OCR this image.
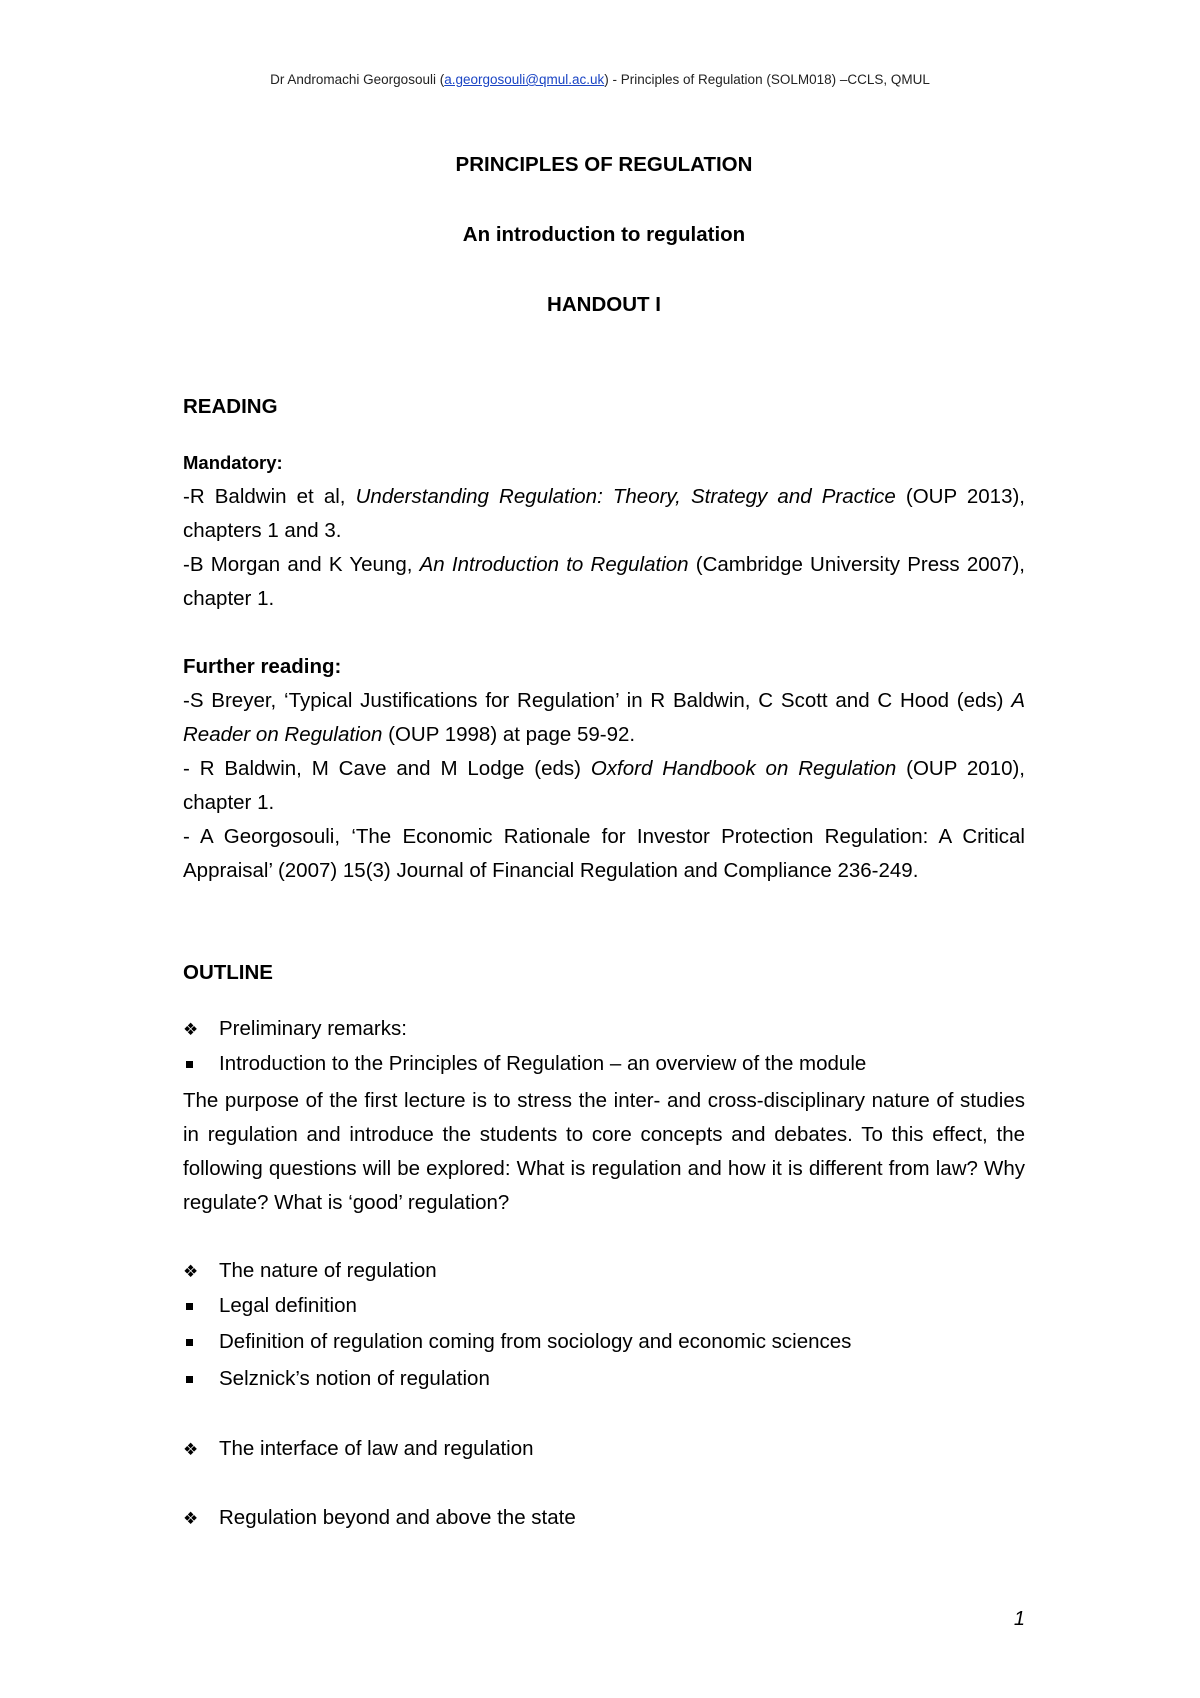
Dr Andromachi Georgosouli (a.georgosouli@qmul.ac.uk) - Principles of Regulation (SOLM018) –CCLS, QMUL

PRINCIPLES OF REGULATION

An introduction to regulation

HANDOUT I

READING

Mandatory:

-R Baldwin et al, Understanding Regulation: Theory, Strategy and Practice (OUP 2013), chapters 1 and 3.

-B Morgan and K Yeung, An Introduction to Regulation (Cambridge University Press 2007), chapter 1.

Further reading:

-S Breyer, ‘Typical Justifications for Regulation’ in R Baldwin, C Scott and C Hood (eds) A Reader on Regulation (OUP 1998) at page 59-92.

- R Baldwin, M Cave and M Lodge (eds) Oxford Handbook on Regulation (OUP 2010), chapter 1.

- A Georgosouli, ‘The Economic Rationale for Investor Protection Regulation: A Critical Appraisal’ (2007) 15(3) Journal of Financial Regulation and Compliance 236-249.

OUTLINE

❖	Preliminary remarks:
Introduction to the Principles of Regulation – an overview of the module

The purpose of the first lecture is to stress the inter- and cross-disciplinary nature of studies in regulation and introduce the students to core concepts and debates. To this effect, the following questions will be explored: What is regulation and how it is different from law? Why regulate? What is ‘good’ regulation?

❖	The nature of regulation
Legal definition
Definition of regulation coming from sociology and economic sciences
Selznick’s notion of regulation
❖	The interface of law and regulation
❖	Regulation beyond and above the state
1
